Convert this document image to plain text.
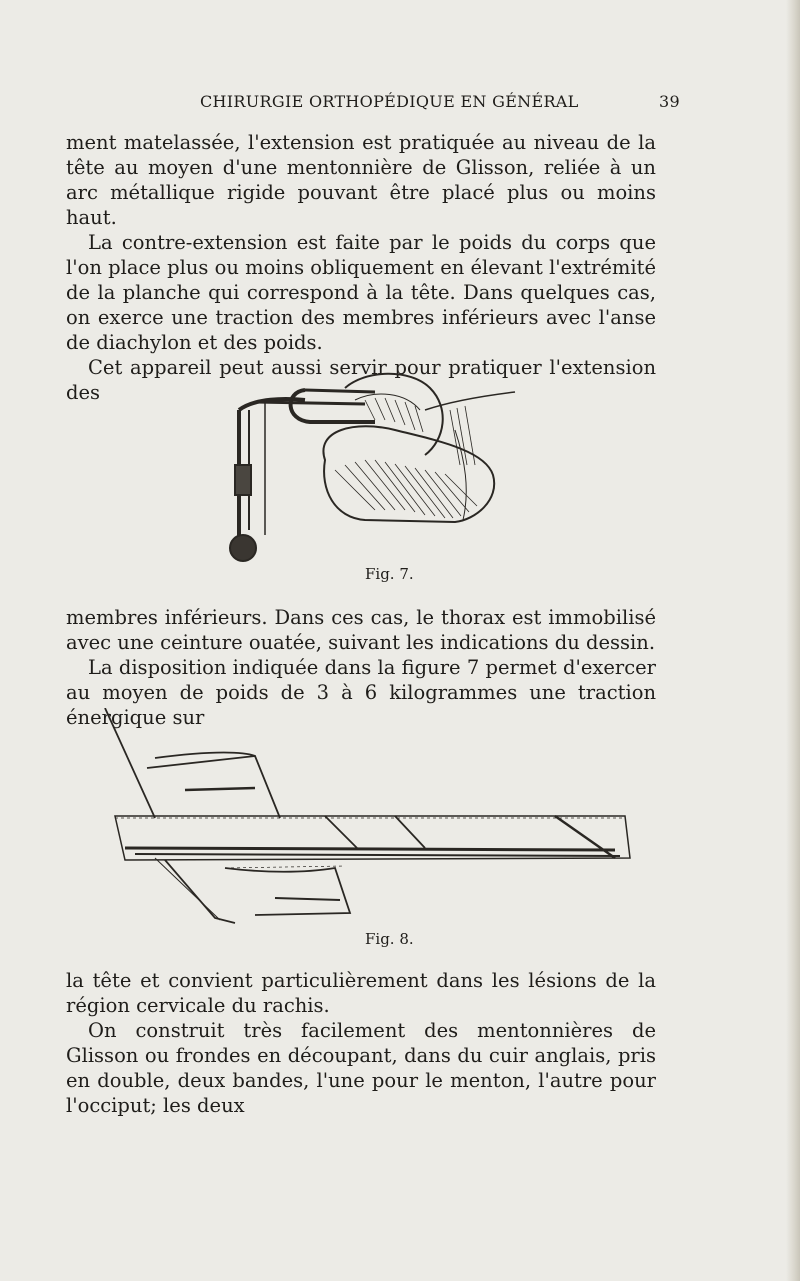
CHIRURGIE ORTHOPÉDIQUE EN GÉNÉRAL	39

ment matelassée, l'extension est pratiquée au niveau de la tête au moyen d'une mentonnière de Glisson, reliée à un arc métallique rigide pouvant être placé plus ou moins haut.

La contre-extension est faite par le poids du corps que l'on place plus ou moins obliquement en élevant l'extrémité de la planche qui correspond à la tête. Dans quelques cas, on exerce une traction des membres inférieurs avec l'anse de diachylon et des poids.

Cet appareil peut aussi servir pour pratiquer l'extension des

Fig. 7.

membres inférieurs. Dans ces cas, le thorax est immobilisé avec une ceinture ouatée, suivant les indications du dessin.

La disposition indiquée dans la figure 7 permet d'exercer au moyen de poids de 3 à 6 kilogrammes une traction énergique sur

Fig. 8.

la tête et convient particulièrement dans les lésions de la région cervicale du rachis.

On construit très facilement des mentonnières de Glisson ou frondes en découpant, dans du cuir anglais, pris en double, deux bandes, l'une pour le menton, l'autre pour l'occiput; les deux
